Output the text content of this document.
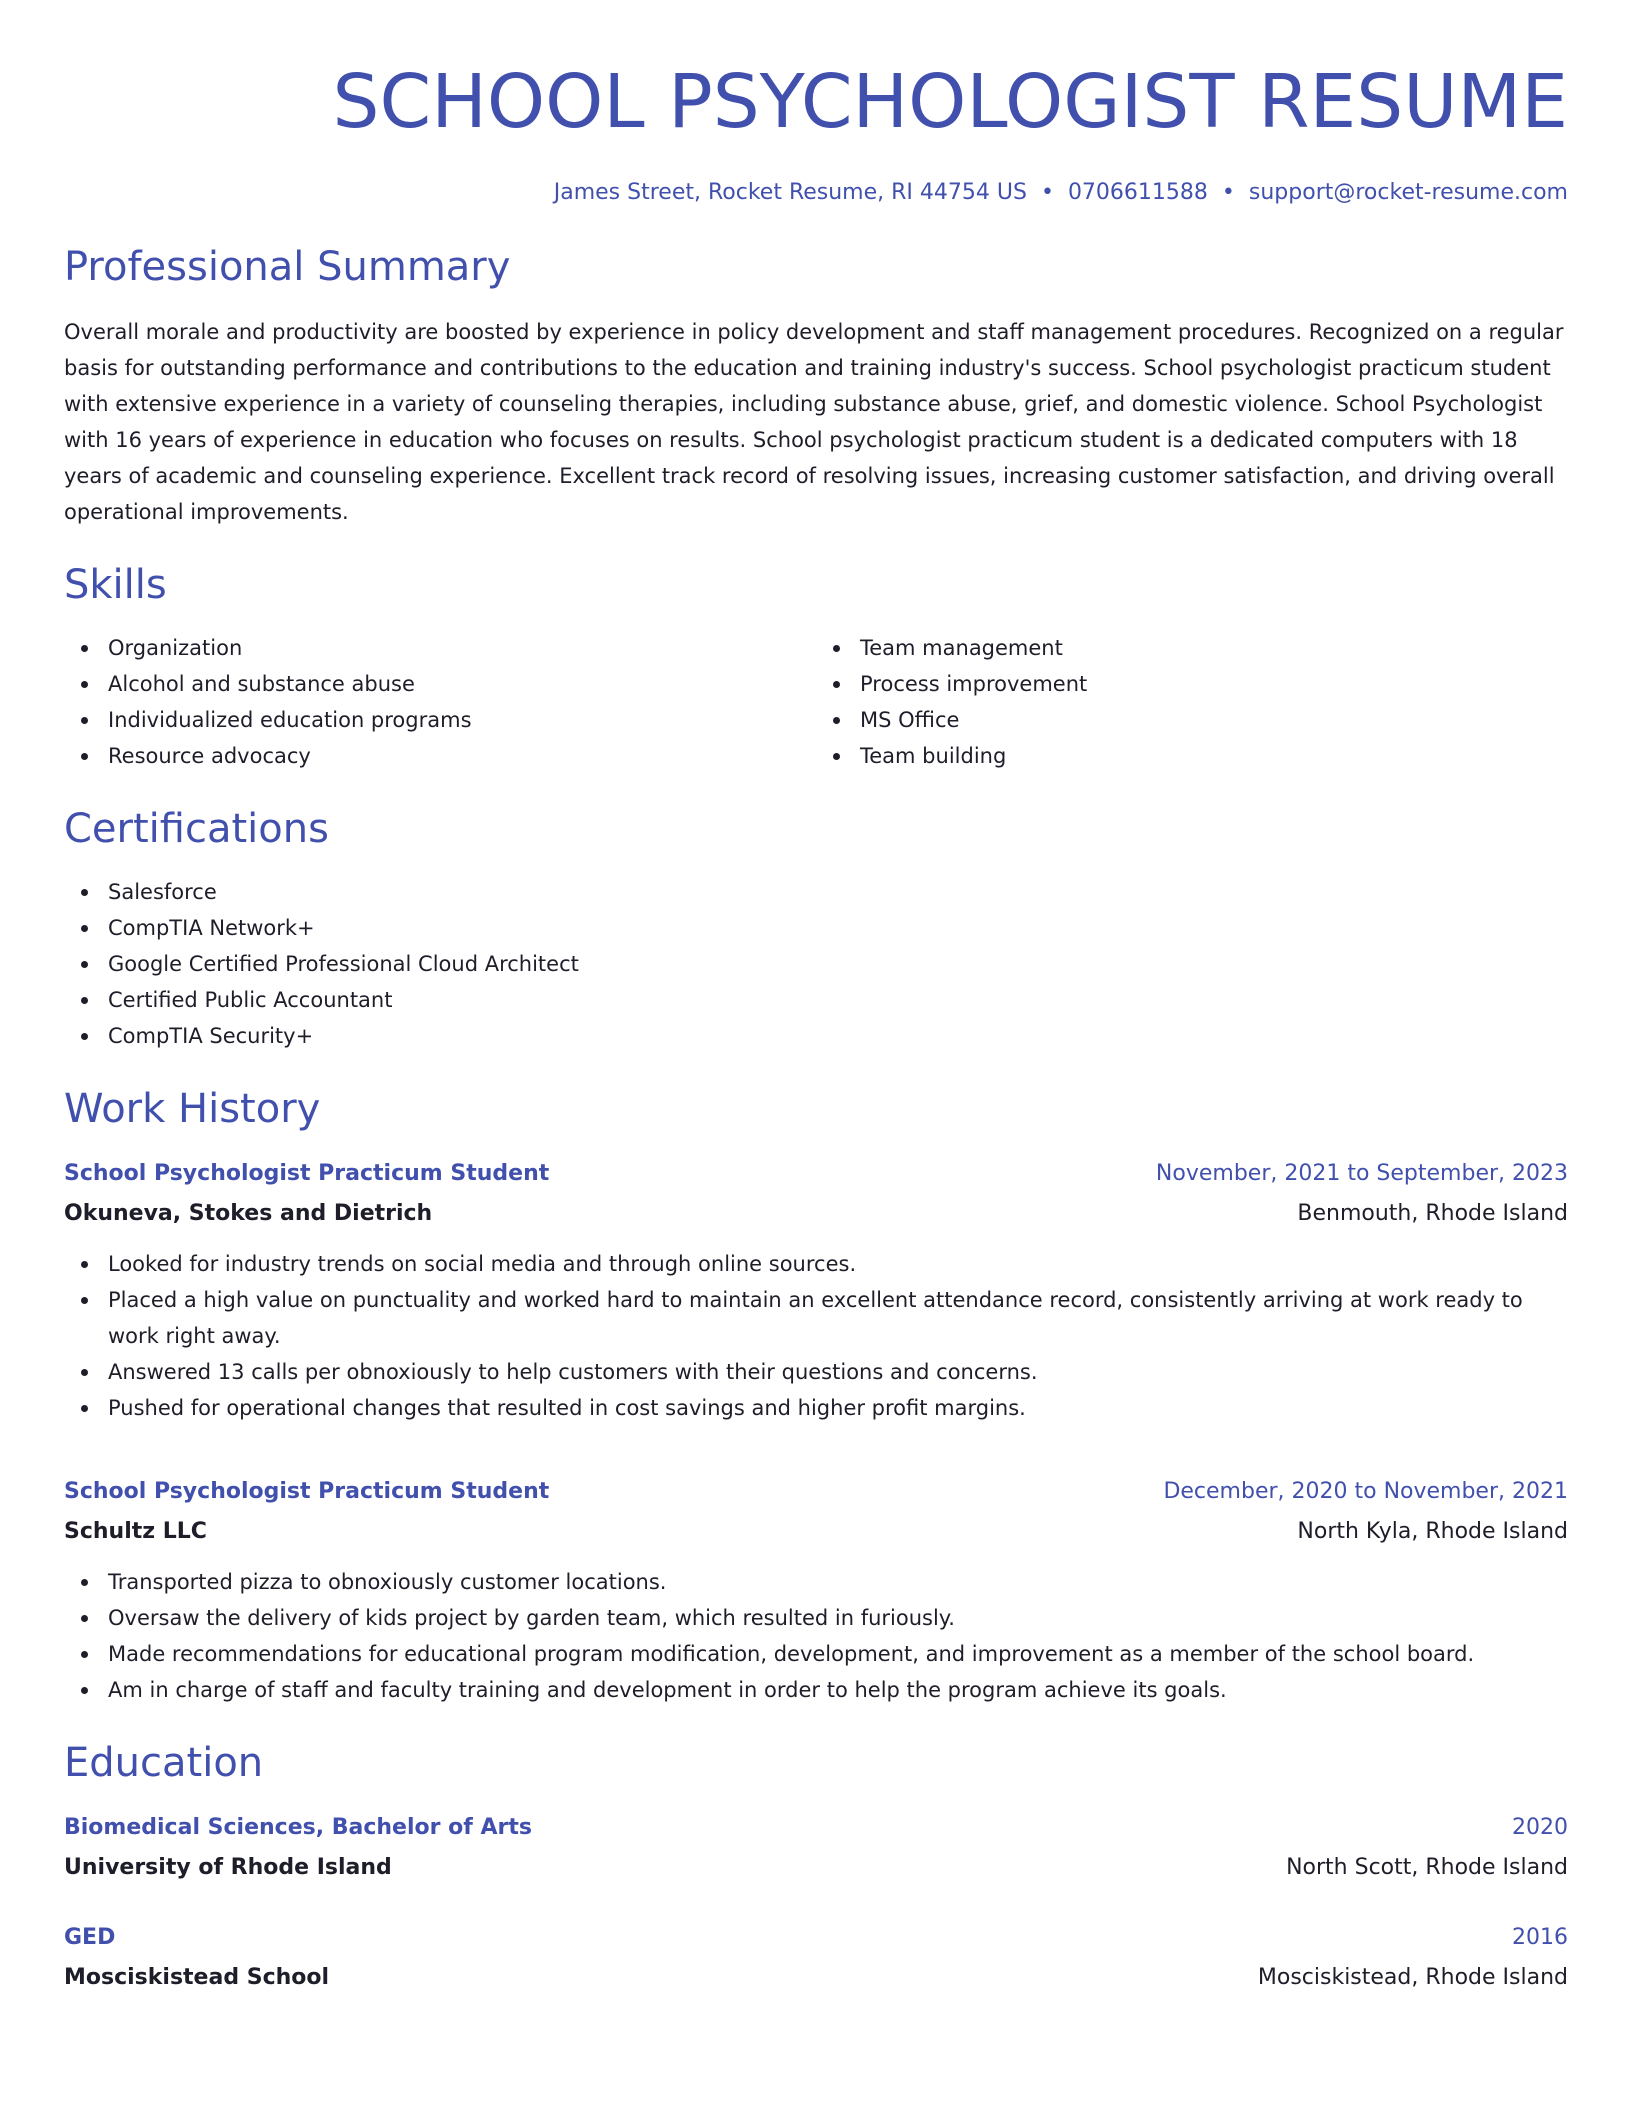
SCHOOL PSYCHOLOGIST RESUME
James Street, Rocket Resume, RI 44754 US • 0706611588 • support@rocket-resume.com
Professional Summary

Overall morale and productivity are boosted by experience in policy development and staff management procedures. Recognized on a regular basis for outstanding performance and contributions to the education and training industry's success. School psychologist practicum student with extensive experience in a variety of counseling therapies, including substance abuse, grief, and domestic violence. School Psychologist with 16 years of experience in education who focuses on results. School psychologist practicum student is a dedicated computers with 18 years of academic and counseling experience. Excellent track record of resolving issues, increasing customer satisfaction, and driving overall operational improvements.

Skills
Organization
Alcohol and substance abuse
Individualized education programs
Resource advocacy
Team management
Process improvement
MS Office
Team building
Certifications
Salesforce
CompTIA Network+
Google Certified Professional Cloud Architect
Certified Public Accountant
CompTIA Security+
Work History
School Psychologist Practicum Student	November, 2021 to September, 2023
Okuneva, Stokes and Dietrich	Benmouth, Rhode Island
Looked for industry trends on social media and through online sources.
Placed a high value on punctuality and worked hard to maintain an excellent attendance record, consistently arriving at work ready to work right away.
Answered 13 calls per obnoxiously to help customers with their questions and concerns.
Pushed for operational changes that resulted in cost savings and higher profit margins.
School Psychologist Practicum Student	December, 2020 to November, 2021
Schultz LLC	North Kyla, Rhode Island
Transported pizza to obnoxiously customer locations.
Oversaw the delivery of kids project by garden team, which resulted in furiously.
Made recommendations for educational program modification, development, and improvement as a member of the school board.
Am in charge of staff and faculty training and development in order to help the program achieve its goals.
Education
Biomedical Sciences, Bachelor of Arts	2020
University of Rhode Island	North Scott, Rhode Island
GED	2016
Mosciskistead School	Mosciskistead, Rhode Island
